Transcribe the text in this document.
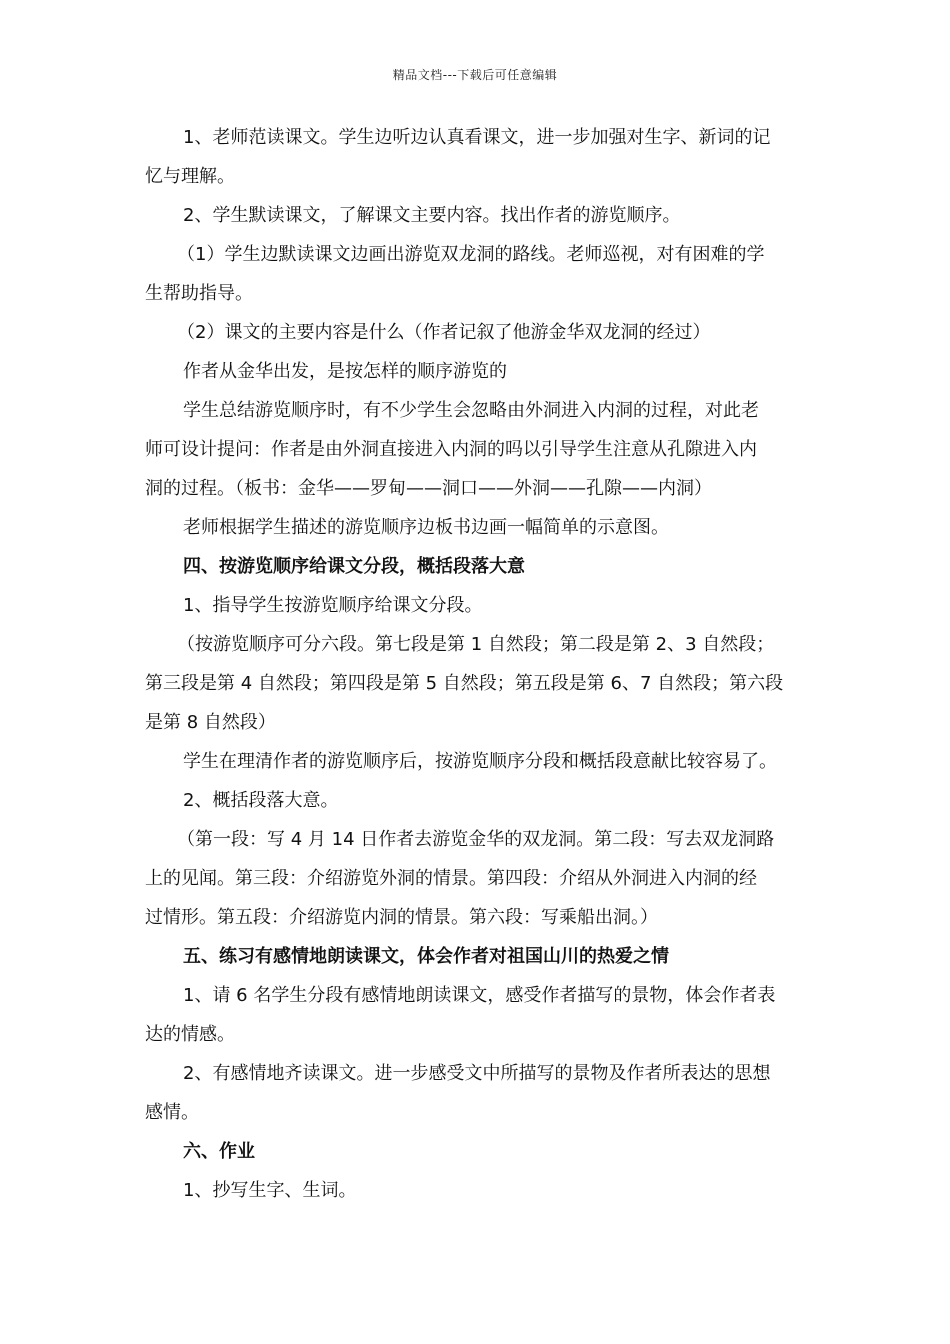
精品文档---下载后可任意编辑

1、老师范读课文。学生边听边认真看课文，进一步加强对生字、新词的记

忆与理解。

2、学生默读课文，了解课文主要内容。找出作者的游览顺序。

（1）学生边默读课文边画出游览双龙洞的路线。老师巡视，对有困难的学

生帮助指导。

（2）课文的主要内容是什么（作者记叙了他游金华双龙洞的经过）

作者从金华出发，是按怎样的顺序游览的

学生总结游览顺序时，有不少学生会忽略由外洞进入内洞的过程，对此老

师可设计提问：作者是由外洞直接进入内洞的吗以引导学生注意从孔隙进入内

洞的过程。（板书：金华——罗甸——洞口——外洞——孔隙——内洞）

老师根据学生描述的游览顺序边板书边画一幅简单的示意图。

四、按游览顺序给课文分段，概括段落大意

1、指导学生按游览顺序给课文分段。

（按游览顺序可分六段。第七段是第 1 自然段；第二段是第 2、3 自然段；

第三段是第 4 自然段；第四段是第 5 自然段；第五段是第 6、7 自然段；第六段

是第 8 自然段）

学生在理清作者的游览顺序后，按游览顺序分段和概括段意献比较容易了。

2、概括段落大意。

（第一段：写 4 月 14 日作者去游览金华的双龙洞。第二段：写去双龙洞路

上的见闻。第三段：介绍游览外洞的情景。第四段：介绍从外洞进入内洞的经

过情形。第五段：介绍游览内洞的情景。第六段：写乘船出洞。）

五、练习有感情地朗读课文，体会作者对祖国山川的热爱之情

1、请 6 名学生分段有感情地朗读课文，感受作者描写的景物，体会作者表

达的情感。

2、有感情地齐读课文。进一步感受文中所描写的景物及作者所表达的思想

感情。

六、作业

1、抄写生字、生词。
